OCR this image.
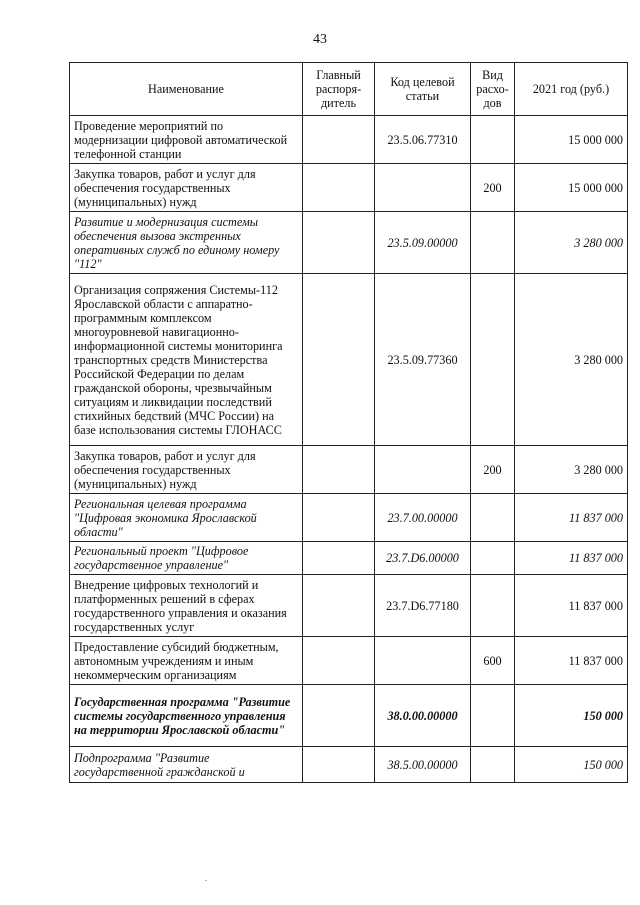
43
Наименование	Главный распоря-дитель	Код целевой статьи	Вид расхо-дов	2021 год (руб.)
Проведение мероприятий по модернизации цифровой автоматической телефонной станции		23.5.06.77310		15 000 000
Закупка товаров, работ и услуг для обеспечения государственных (муниципальных) нужд			200	15 000 000
Развитие и модернизация системы обеспечения вызова экстренных оперативных служб по единому номеру "112"		23.5.09.00000		3 280 000
Организация сопряжения Системы-112 Ярославской области с аппаратно-программным комплексом многоуровневой навигационно-информационной системы мониторинга транспортных средств Министерства Российской Федерации по делам гражданской обороны, чрезвычайным ситуациям и ликвидации последствий стихийных бедствий (МЧС России) на базе использования системы ГЛОНАСС		23.5.09.77360		3 280 000
Закупка товаров, работ и услуг для обеспечения государственных (муниципальных) нужд			200	3 280 000
Региональная целевая программа "Цифровая экономика Ярославской области"		23.7.00.00000		11 837 000
Региональный проект "Цифровое государственное управление"		23.7.D6.00000		11 837 000
Внедрение цифровых технологий и платформенных решений в сферах государственного управления и оказания государственных услуг		23.7.D6.77180		11 837 000
Предоставление субсидий бюджетным, автономным учреждениям и иным некоммерческим организациям			600	11 837 000
Государственная программа "Развитие системы государственного управления на территории Ярославской области"		38.0.00.00000		150 000
Подпрограмма "Развитие государственной гражданской и		38.5.00.00000		150 000
